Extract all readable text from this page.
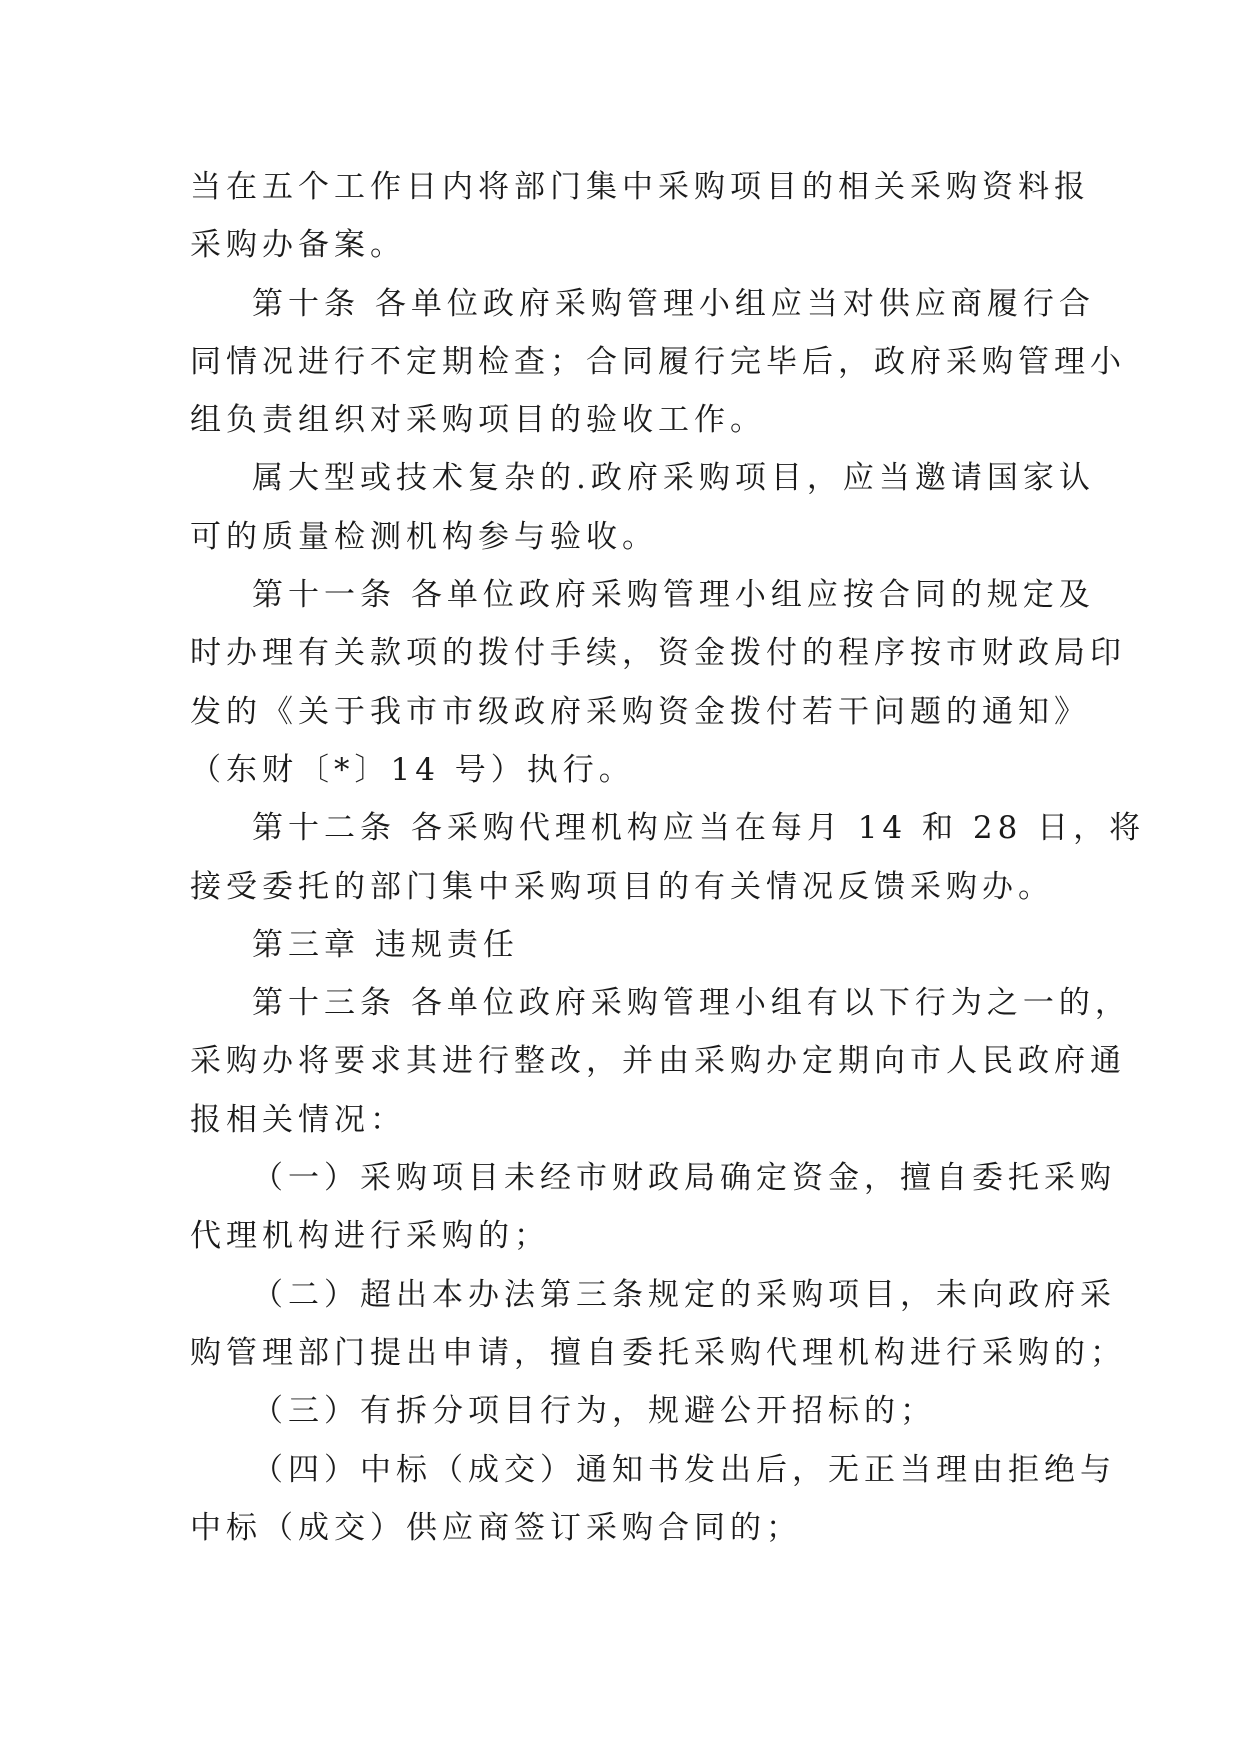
当在五个工作日内将部门集中采购项目的相关采购资料报
采购办备案。

第十条 各单位政府采购管理小组应当对供应商履行合
同情况进行不定期检查；合同履行完毕后，政府采购管理小
组负责组织对采购项目的验收工作。

属大型或技术复杂的.政府采购项目，应当邀请国家认
可的质量检测机构参与验收。

第十一条 各单位政府采购管理小组应按合同的规定及
时办理有关款项的拨付手续，资金拨付的程序按市财政局印
发的《关于我市市级政府采购资金拨付若干问题的通知》
（东财〔*〕14 号）执行。

第十二条 各采购代理机构应当在每月 14 和 28 日，将
接受委托的部门集中采购项目的有关情况反馈采购办。

第三章 违规责任

第十三条 各单位政府采购管理小组有以下行为之一的，
采购办将要求其进行整改，并由采购办定期向市人民政府通
报相关情况：

（一）采购项目未经市财政局确定资金，擅自委托采购
代理机构进行采购的；

（二）超出本办法第三条规定的采购项目，未向政府采
购管理部门提出申请，擅自委托采购代理机构进行采购的；

（三）有拆分项目行为，规避公开招标的；

（四）中标（成交）通知书发出后，无正当理由拒绝与
中标（成交）供应商签订采购合同的；
